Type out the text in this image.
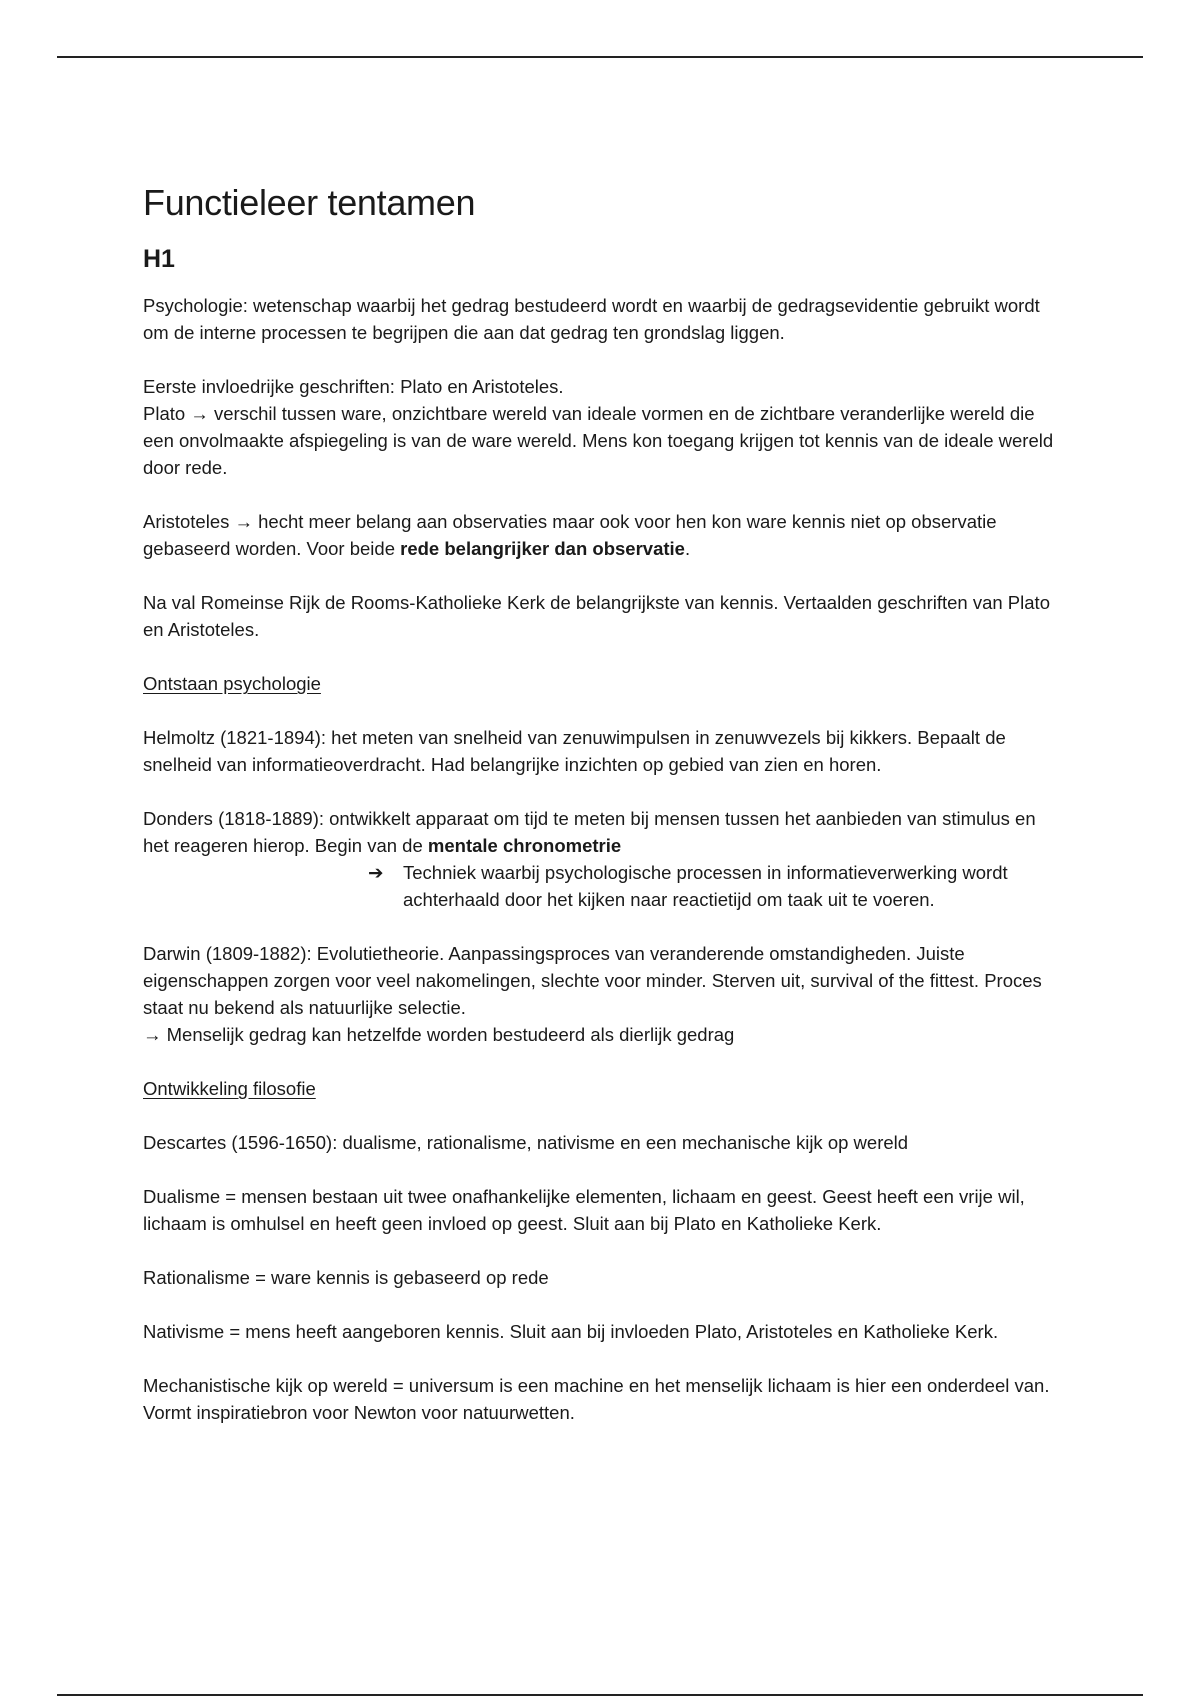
Functieleer tentamen
H1

Psychologie: wetenschap waarbij het gedrag bestudeerd wordt en waarbij de gedragsevidentie gebruikt wordt om de interne processen te begrijpen die aan dat gedrag ten grondslag liggen.

Eerste invloedrijke geschriften: Plato en Aristoteles.
Plato → verschil tussen ware, onzichtbare wereld van ideale vormen en de zichtbare veranderlijke wereld die een onvolmaakte afspiegeling is van de ware wereld. Mens kon toegang krijgen tot kennis van de ideale wereld door rede.

Aristoteles → hecht meer belang aan observaties maar ook voor hen kon ware kennis niet op observatie gebaseerd worden. Voor beide rede belangrijker dan observatie.

Na val Romeinse Rijk de Rooms-Katholieke Kerk de belangrijkste van kennis. Vertaalden geschriften van Plato en Aristoteles.

Ontstaan psychologie

Helmoltz (1821-1894): het meten van snelheid van zenuwimpulsen in zenuwvezels bij kikkers. Bepaalt de snelheid van informatieoverdracht. Had belangrijke inzichten op gebied van zien en horen.

Donders (1818-1889): ontwikkelt apparaat om tijd te meten bij mensen tussen het aanbieden van stimulus en het reageren hierop. Begin van de mentale chronometrie

➔	Techniek waarbij psychologische processen in informatieverwerking wordt achterhaald door het kijken naar reactietijd om taak uit te voeren.

Darwin (1809-1882): Evolutietheorie. Aanpassingsproces van veranderende omstandigheden. Juiste eigenschappen zorgen voor veel nakomelingen, slechte voor minder. Sterven uit, survival of the fittest. Proces staat nu bekend als natuurlijke selectie.
→ Menselijk gedrag kan hetzelfde worden bestudeerd als dierlijk gedrag

Ontwikkeling filosofie

Descartes (1596-1650): dualisme, rationalisme, nativisme en een mechanische kijk op wereld

Dualisme = mensen bestaan uit twee onafhankelijke elementen, lichaam en geest. Geest heeft een vrije wil, lichaam is omhulsel en heeft geen invloed op geest. Sluit aan bij Plato en Katholieke Kerk.

Rationalisme = ware kennis is gebaseerd op rede

Nativisme = mens heeft aangeboren kennis. Sluit aan bij invloeden Plato, Aristoteles en Katholieke Kerk.

Mechanistische kijk op wereld = universum is een machine en het menselijk lichaam is hier een onderdeel van. Vormt inspiratiebron voor Newton voor natuurwetten.
